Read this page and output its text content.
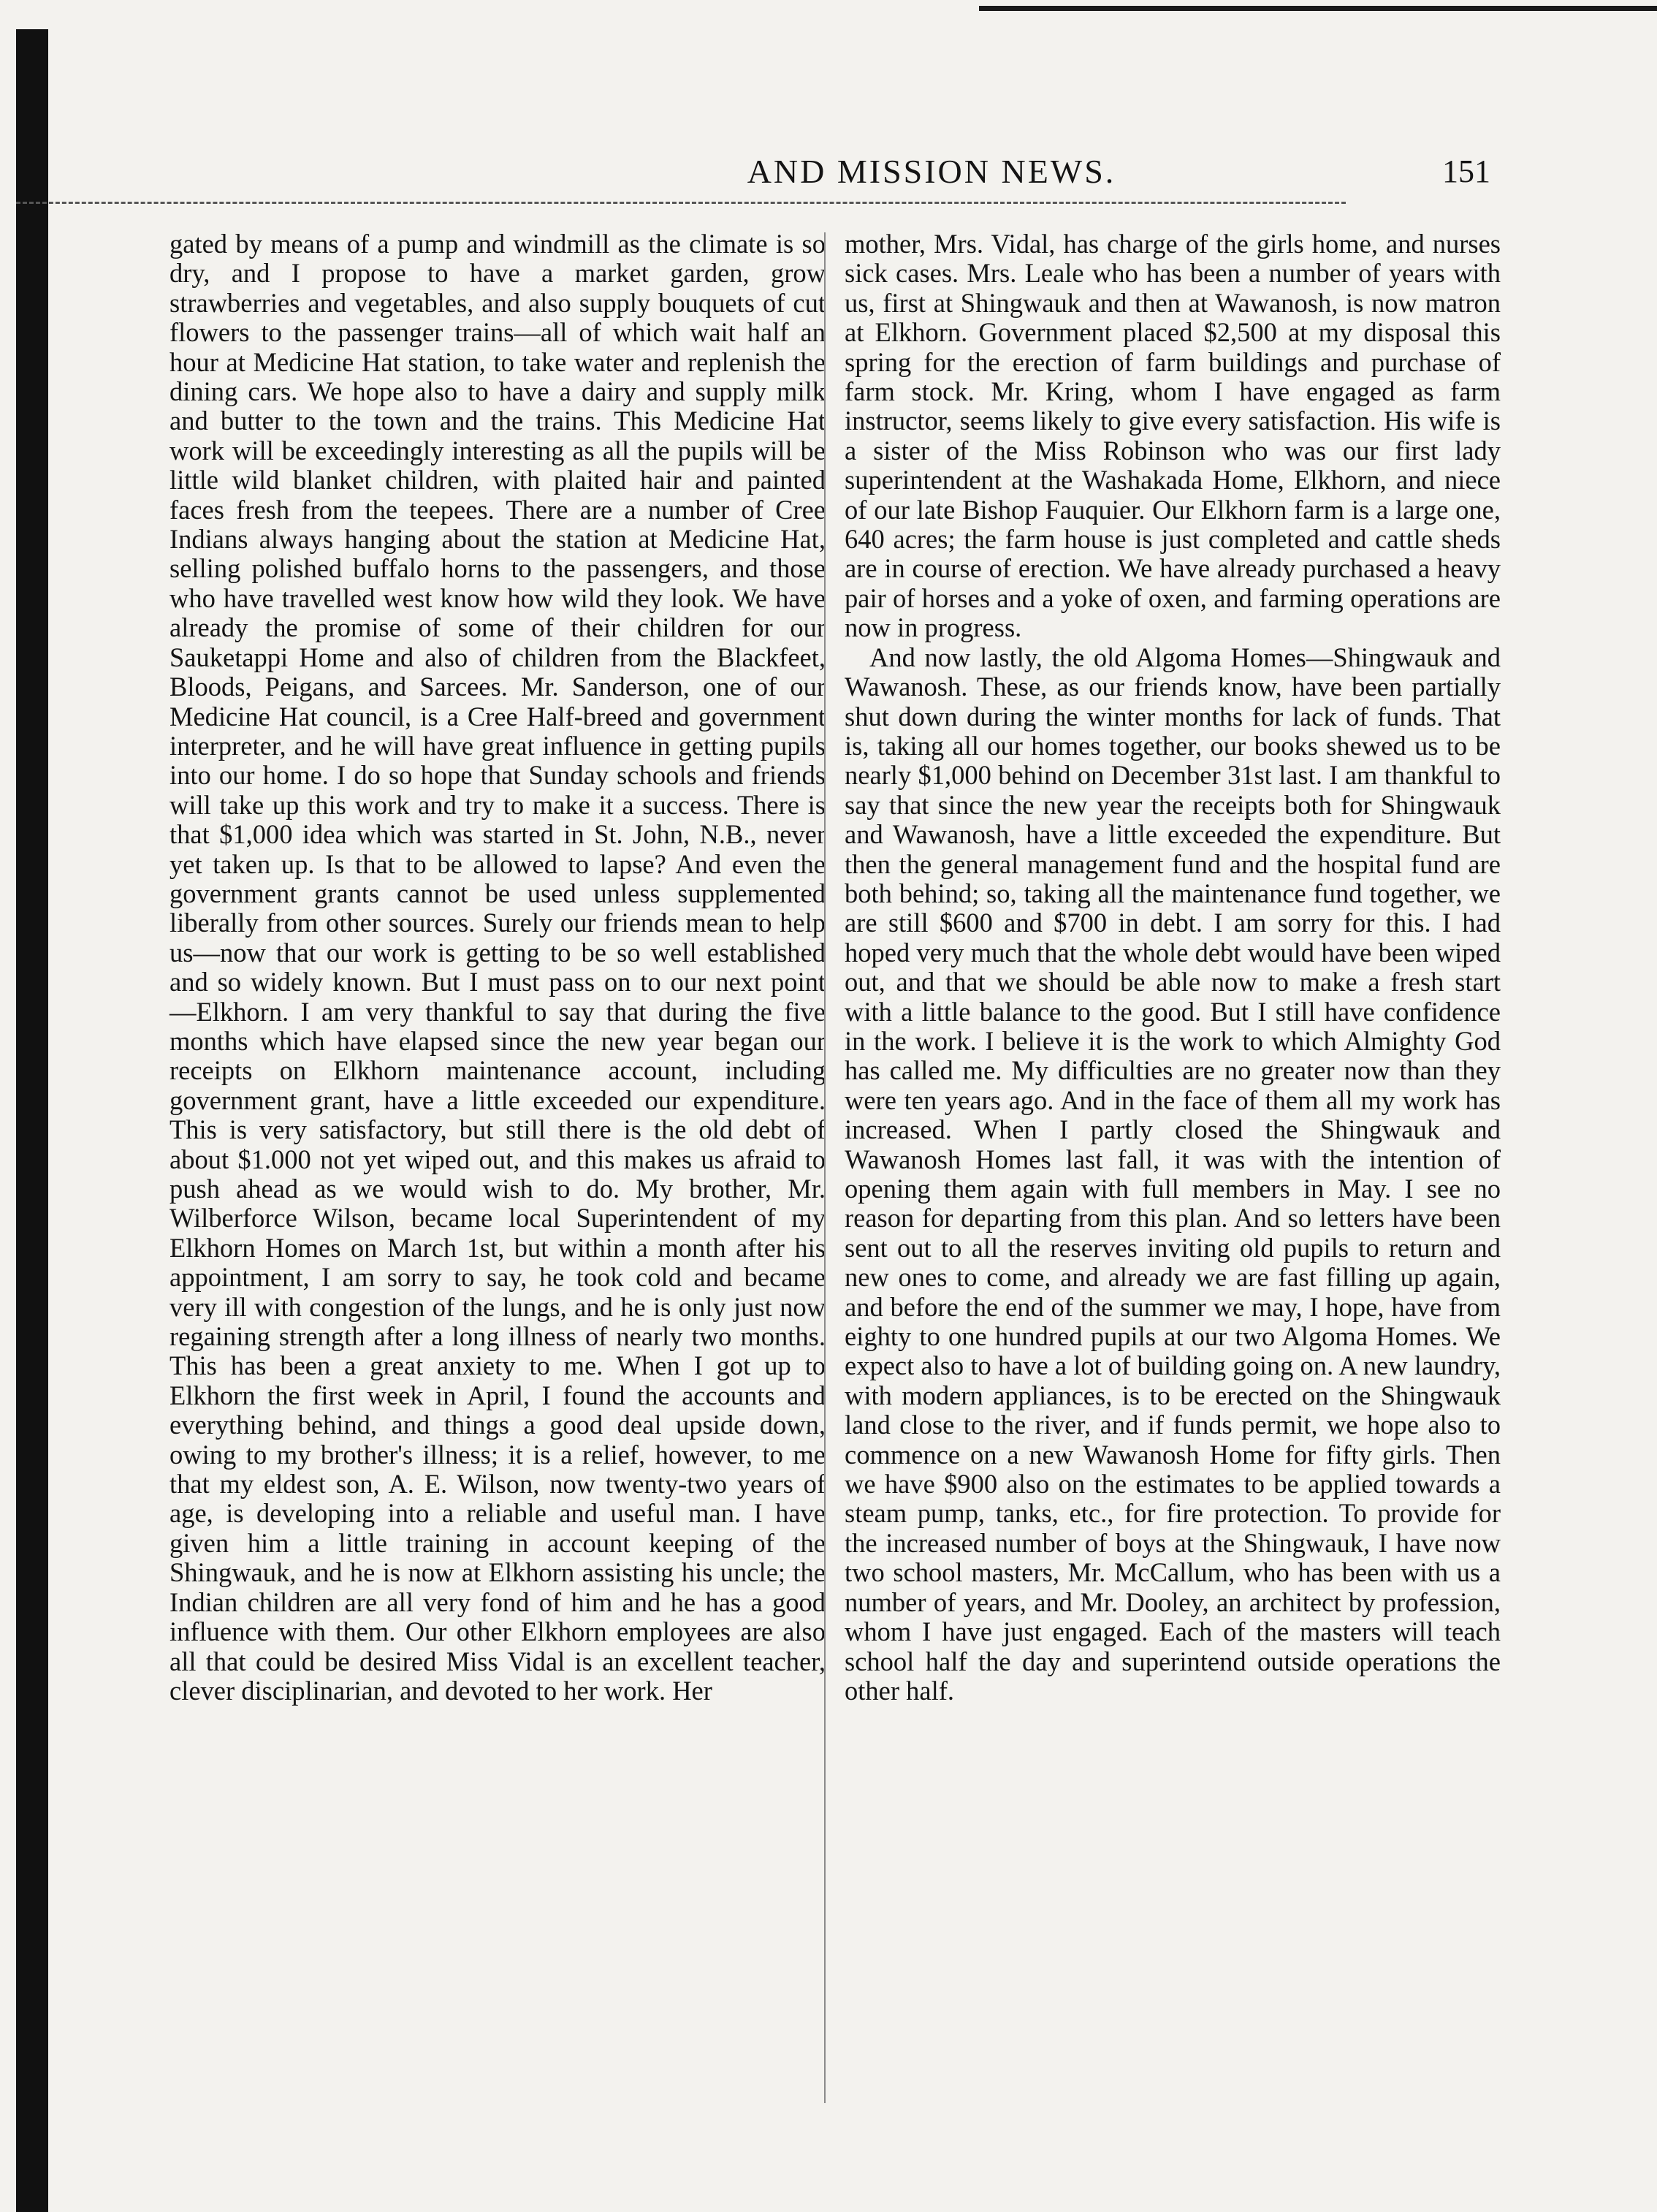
AND MISSION NEWS.	151

gated by means of a pump and windmill as the climate is so dry, and I propose to have a market garden, grow strawberries and vegetables, and also supply bouquets of cut flowers to the passenger trains—all of which wait half an hour at Medicine Hat station, to take water and replenish the dining cars. We hope also to have a dairy and supply milk and butter to the town and the trains. This Medicine Hat work will be exceedingly interesting as all the pupils will be little wild blanket children, with plaited hair and painted faces fresh from the teepees. There are a number of Cree Indians always hanging about the station at Medicine Hat, selling polished buffalo horns to the passengers, and those who have travelled west know how wild they look. We have already the promise of some of their children for our Sauketappi Home and also of children from the Blackfeet, Bloods, Peigans, and Sarcees. Mr. Sanderson, one of our Medicine Hat council, is a Cree Half-breed and government interpreter, and he will have great influence in getting pupils into our home. I do so hope that Sunday schools and friends will take up this work and try to make it a success. There is that $1,000 idea which was started in St. John, N.B., never yet taken up. Is that to be allowed to lapse? And even the government grants cannot be used unless supplemented liberally from other sources. Surely our friends mean to help us—now that our work is getting to be so well established and so widely known. But I must pass on to our next point —Elkhorn. I am very thankful to say that during the five months which have elapsed since the new year began our receipts on Elkhorn maintenance account, including government grant, have a little exceeded our expenditure. This is very satisfactory, but still there is the old debt of about $1.000 not yet wiped out, and this makes us afraid to push ahead as we would wish to do. My brother, Mr. Wilberforce Wilson, became local Superintendent of my Elkhorn Homes on March 1st, but within a month after his appointment, I am sorry to say, he took cold and became very ill with congestion of the lungs, and he is only just now regaining strength after a long illness of nearly two months. This has been a great anxiety to me. When I got up to Elkhorn the first week in April, I found the accounts and everything behind, and things a good deal upside down, owing to my brother's illness; it is a relief, however, to me that my eldest son, A. E. Wilson, now twenty-two years of age, is developing into a reliable and useful man. I have given him a little training in account keeping of the Shingwauk, and he is now at Elkhorn assisting his uncle; the Indian children are all very fond of him and he has a good influence with them. Our other Elkhorn employees are also all that could be desired Miss Vidal is an excellent teacher, clever disciplinarian, and devoted to her work. Her

mother, Mrs. Vidal, has charge of the girls home, and nurses sick cases. Mrs. Leale who has been a number of years with us, first at Shingwauk and then at Wawanosh, is now matron at Elkhorn. Government placed $2,500 at my disposal this spring for the erection of farm buildings and purchase of farm stock. Mr. Kring, whom I have engaged as farm instructor, seems likely to give every satisfaction. His wife is a sister of the Miss Robinson who was our first lady superintendent at the Washakada Home, Elkhorn, and niece of our late Bishop Fauquier. Our Elkhorn farm is a large one, 640 acres; the farm house is just completed and cattle sheds are in course of erection. We have already purchased a heavy pair of horses and a yoke of oxen, and farming operations are now in progress.

And now lastly, the old Algoma Homes—Shingwauk and Wawanosh. These, as our friends know, have been partially shut down during the winter months for lack of funds. That is, taking all our homes together, our books shewed us to be nearly $1,000 behind on December 31st last. I am thankful to say that since the new year the receipts both for Shingwauk and Wawanosh, have a little exceeded the expenditure. But then the general management fund and the hospital fund are both behind; so, taking all the maintenance fund together, we are still $600 and $700 in debt. I am sorry for this. I had hoped very much that the whole debt would have been wiped out, and that we should be able now to make a fresh start with a little balance to the good. But I still have confidence in the work. I believe it is the work to which Almighty God has called me. My difficulties are no greater now than they were ten years ago. And in the face of them all my work has increased. When I partly closed the Shingwauk and Wawanosh Homes last fall, it was with the intention of opening them again with full members in May. I see no reason for departing from this plan. And so letters have been sent out to all the reserves inviting old pupils to return and new ones to come, and already we are fast filling up again, and before the end of the summer we may, I hope, have from eighty to one hundred pupils at our two Algoma Homes. We expect also to have a lot of building going on. A new laundry, with modern appliances, is to be erected on the Shingwauk land close to the river, and if funds permit, we hope also to commence on a new Wawanosh Home for fifty girls. Then we have $900 also on the estimates to be applied towards a steam pump, tanks, etc., for fire protection. To provide for the increased number of boys at the Shingwauk, I have now two school masters, Mr. McCallum, who has been with us a number of years, and Mr. Dooley, an architect by profession, whom I have just engaged. Each of the masters will teach school half the day and superintend outside operations the other half.
